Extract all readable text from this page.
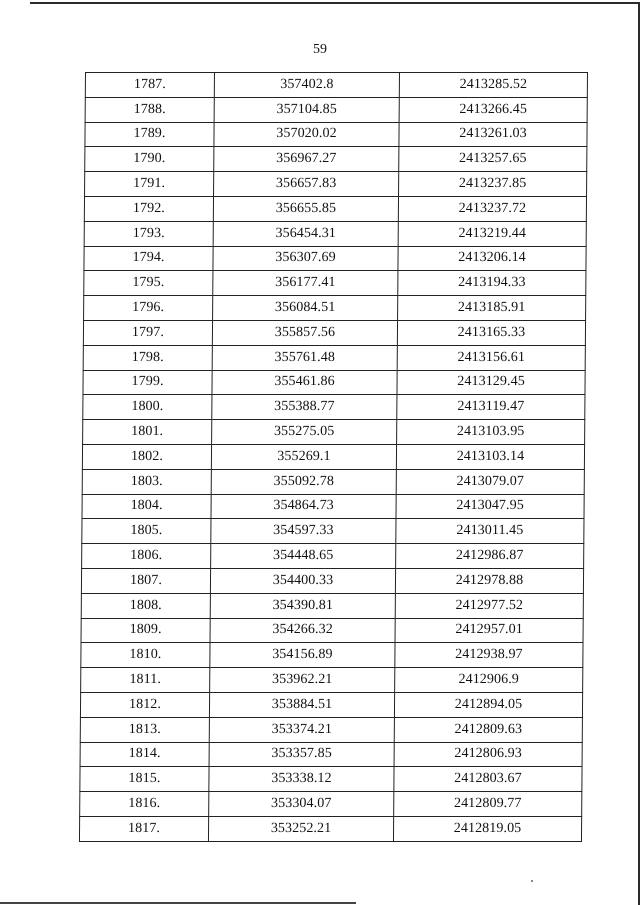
59
1787.	357402.8	2413285.52
1788.	357104.85	2413266.45
1789.	357020.02	2413261.03
1790.	356967.27	2413257.65
1791.	356657.83	2413237.85
1792.	356655.85	2413237.72
1793.	356454.31	2413219.44
1794.	356307.69	2413206.14
1795.	356177.41	2413194.33
1796.	356084.51	2413185.91
1797.	355857.56	2413165.33
1798.	355761.48	2413156.61
1799.	355461.86	2413129.45
1800.	355388.77	2413119.47
1801.	355275.05	2413103.95
1802.	355269.1	2413103.14
1803.	355092.78	2413079.07
1804.	354864.73	2413047.95
1805.	354597.33	2413011.45
1806.	354448.65	2412986.87
1807.	354400.33	2412978.88
1808.	354390.81	2412977.52
1809.	354266.32	2412957.01
1810.	354156.89	2412938.97
1811.	353962.21	2412906.9
1812.	353884.51	2412894.05
1813.	353374.21	2412809.63
1814.	353357.85	2412806.93
1815.	353338.12	2412803.67
1816.	353304.07	2412809.77
1817.	353252.21	2412819.05
